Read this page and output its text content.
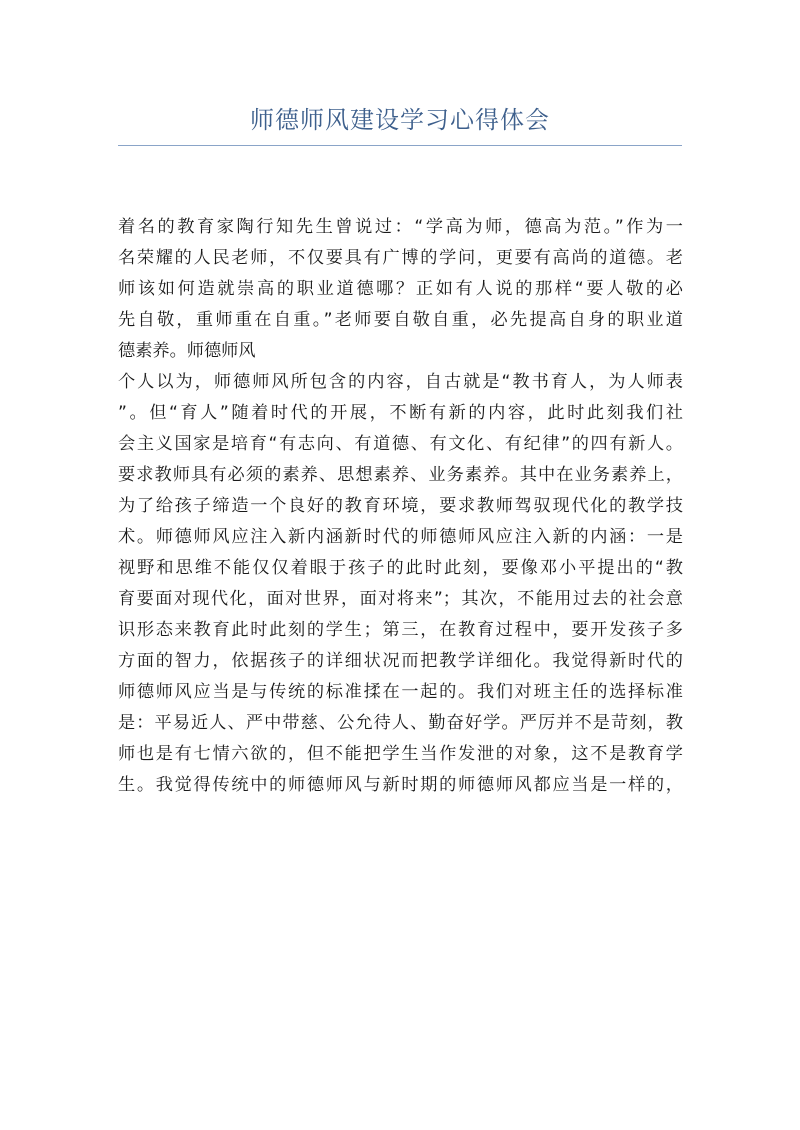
师德师风建设学习心得体会
着名的教育家陶行知先生曾说过：“学高为师，德高为范。”作为一
名荣耀的人民老师，不仅要具有广博的学问，更要有高尚的道德。老
师该如何造就崇高的职业道德哪？正如有人说的那样“要人敬的必
先自敬，重师重在自重。”老师要自敬自重，必先提高自身的职业道
德素养。师德师风
个人以为，师德师风所包含的内容，自古就是“教书育人，为人师表
”。但“育人”随着时代的开展，不断有新的内容，此时此刻我们社
会主义国家是培育“有志向、有道德、有文化、有纪律”的四有新人。
要求教师具有必须的素养、思想素养、业务素养。其中在业务素养上，
为了给孩子缔造一个良好的教育环境，要求教师驾驭现代化的教学技
术。师德师风应注入新内涵新时代的师德师风应注入新的内涵：一是
视野和思维不能仅仅着眼于孩子的此时此刻，要像邓小平提出的“教
育要面对现代化，面对世界，面对将来”；其次，不能用过去的社会意
识形态来教育此时此刻的学生；第三，在教育过程中，要开发孩子多
方面的智力，依据孩子的详细状况而把教学详细化。我觉得新时代的
师德师风应当是与传统的标准揉在一起的。我们对班主任的选择标准
是：平易近人、严中带慈、公允待人、勤奋好学。严厉并不是苛刻，教
师也是有七情六欲的，但不能把学生当作发泄的对象，这不是教育学
生。我觉得传统中的师德师风与新时期的师德师风都应当是一样的，
